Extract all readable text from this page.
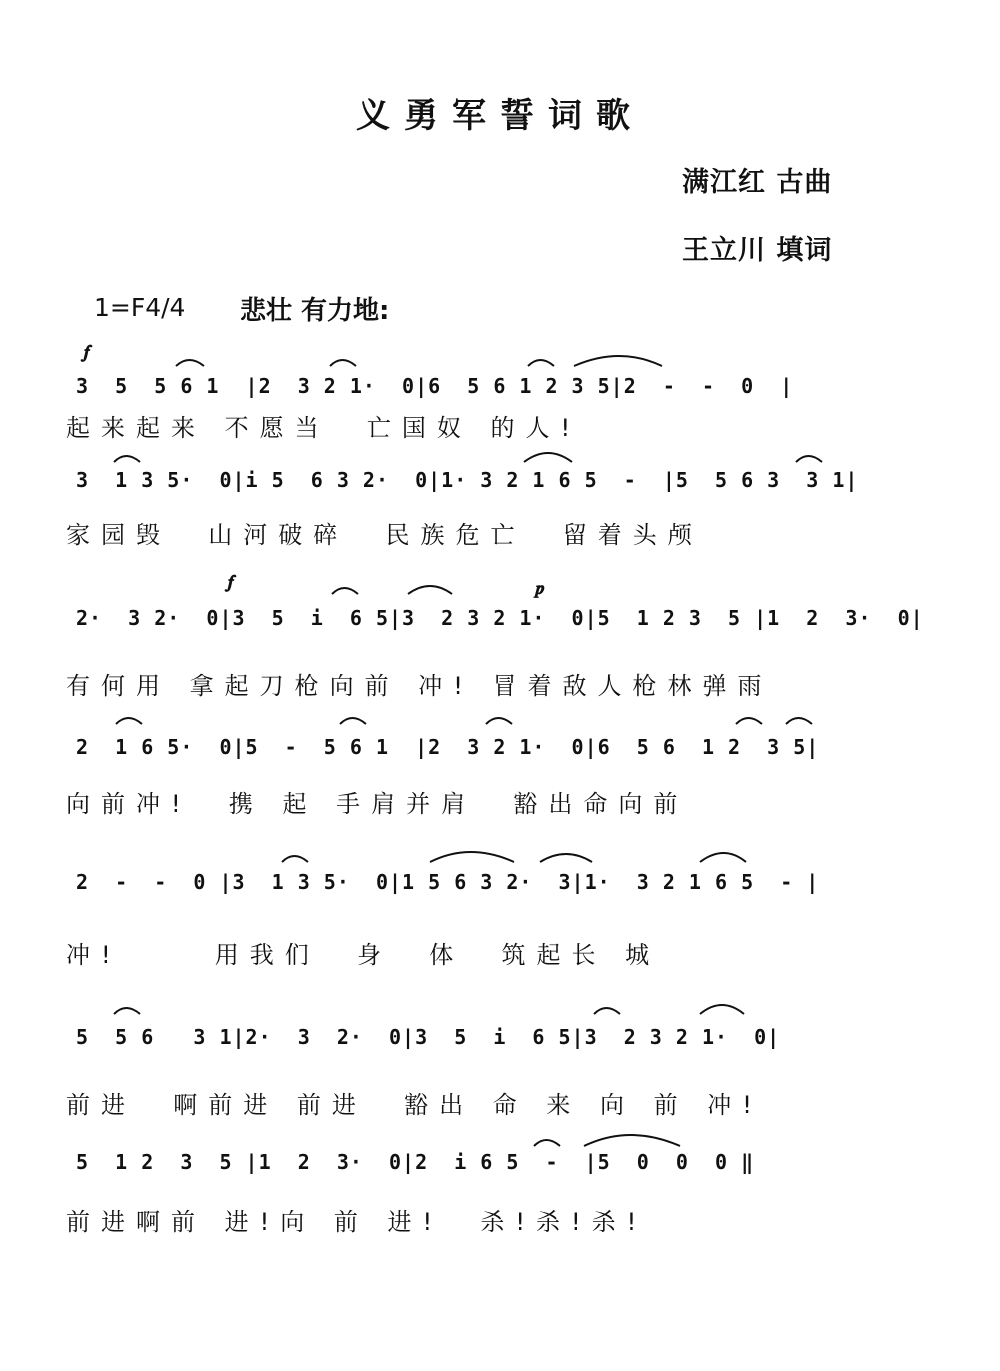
义勇军誓词歌
满江红 古曲
王立川 填词
1=F4/4 悲壮 有力地:
𝆑
𝆑	𝆏
3  5  5 6 1  |2  3 2 1·  0|6  5 6 1 2 3 5|2  -  -  0  |
起来起来 不愿当  亡国奴 的人!
3  1 3 5·  0|i 5  6 3 2·  0|1· 3 2 1 6 5  -  |5  5 6 3  3 1|
家园毁  山河破碎  民族危亡  留着头颅
2·  3 2·  0|3  5  i  6 5|3  2 3 2 1·  0|5  1 2 3  5 |1  2  3·  0|
有何用 拿起刀枪向前 冲! 冒着敌人枪林弹雨
2  1 6 5·  0|5  -  5 6 1  |2  3 2 1·  0|6  5 6  1 2  3 5|
向前冲!  携 起 手肩并肩  豁出命向前
2  -  -  0 |3  1 3 5·  0|1 5 6 3 2·  3|1·  3 2 1 6 5  - |
冲!     用我们  身  体  筑起长 城
5  5 6   3 1|2·  3  2·  0|3  5  i  6 5|3  2 3 2 1·  0|
前进  啊前进 前进  豁出 命 来 向 前 冲!
5  1 2  3  5 |1  2  3·  0|2  i 6 5  -  |5  0  0  0 ‖
前进啊前 进!向 前 进!  杀!杀!杀!
